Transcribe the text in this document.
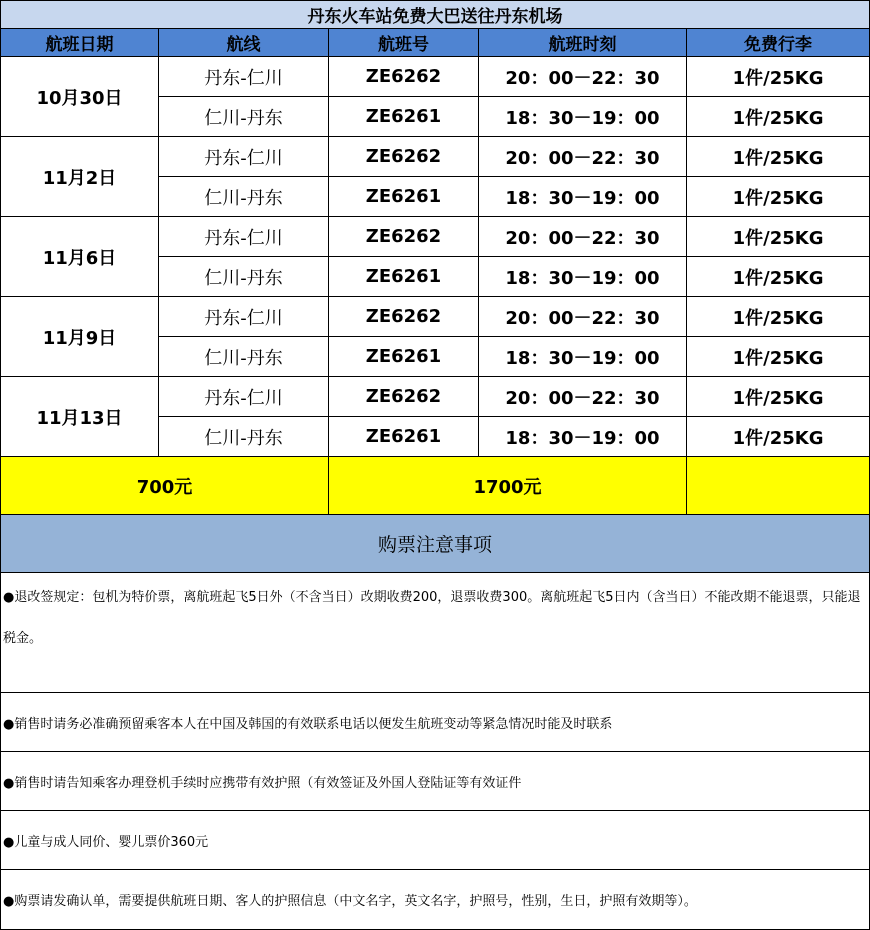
丹东火车站免费大巴送往丹东机场				
航班日期	航线	航班号	航班时刻	免费行李
10月30日	丹东-仁川	ZE6262	20：00－22：30	1件/25KG
	仁川-丹东	ZE6261	18：30－19：00	1件/25KG
11月2日	丹东-仁川	ZE6262	20：00－22：30	1件/25KG
	仁川-丹东	ZE6261	18：30－19：00	1件/25KG
11月6日	丹东-仁川	ZE6262	20：00－22：30	1件/25KG
	仁川-丹东	ZE6261	18：30－19：00	1件/25KG
11月9日	丹东-仁川	ZE6262	20：00－22：30	1件/25KG
	仁川-丹东	ZE6261	18：30－19：00	1件/25KG
11月13日	丹东-仁川	ZE6262	20：00－22：30	1件/25KG
	仁川-丹东	ZE6261	18：30－19：00	1件/25KG
700元		1700元		
购票注意事项				
●退改签规定：包机为特价票，离航班起飞5日外（不含当日）改期收费200，退票收费300。离航班起飞5日内（含当日）不能改期不能退票，只能退税金。				
●销售时请务必准确预留乘客本人在中国及韩国的有效联系电话以便发生航班变动等紧急情况时能及时联系				
●销售时请告知乘客办理登机手续时应携带有效护照（有效签证及外国人登陆证等有效证件				
●儿童与成人同价、婴儿票价360元				
●购票请发确认单，需要提供航班日期、客人的护照信息（中文名字，英文名字，护照号，性别，生日，护照有效期等）。				
